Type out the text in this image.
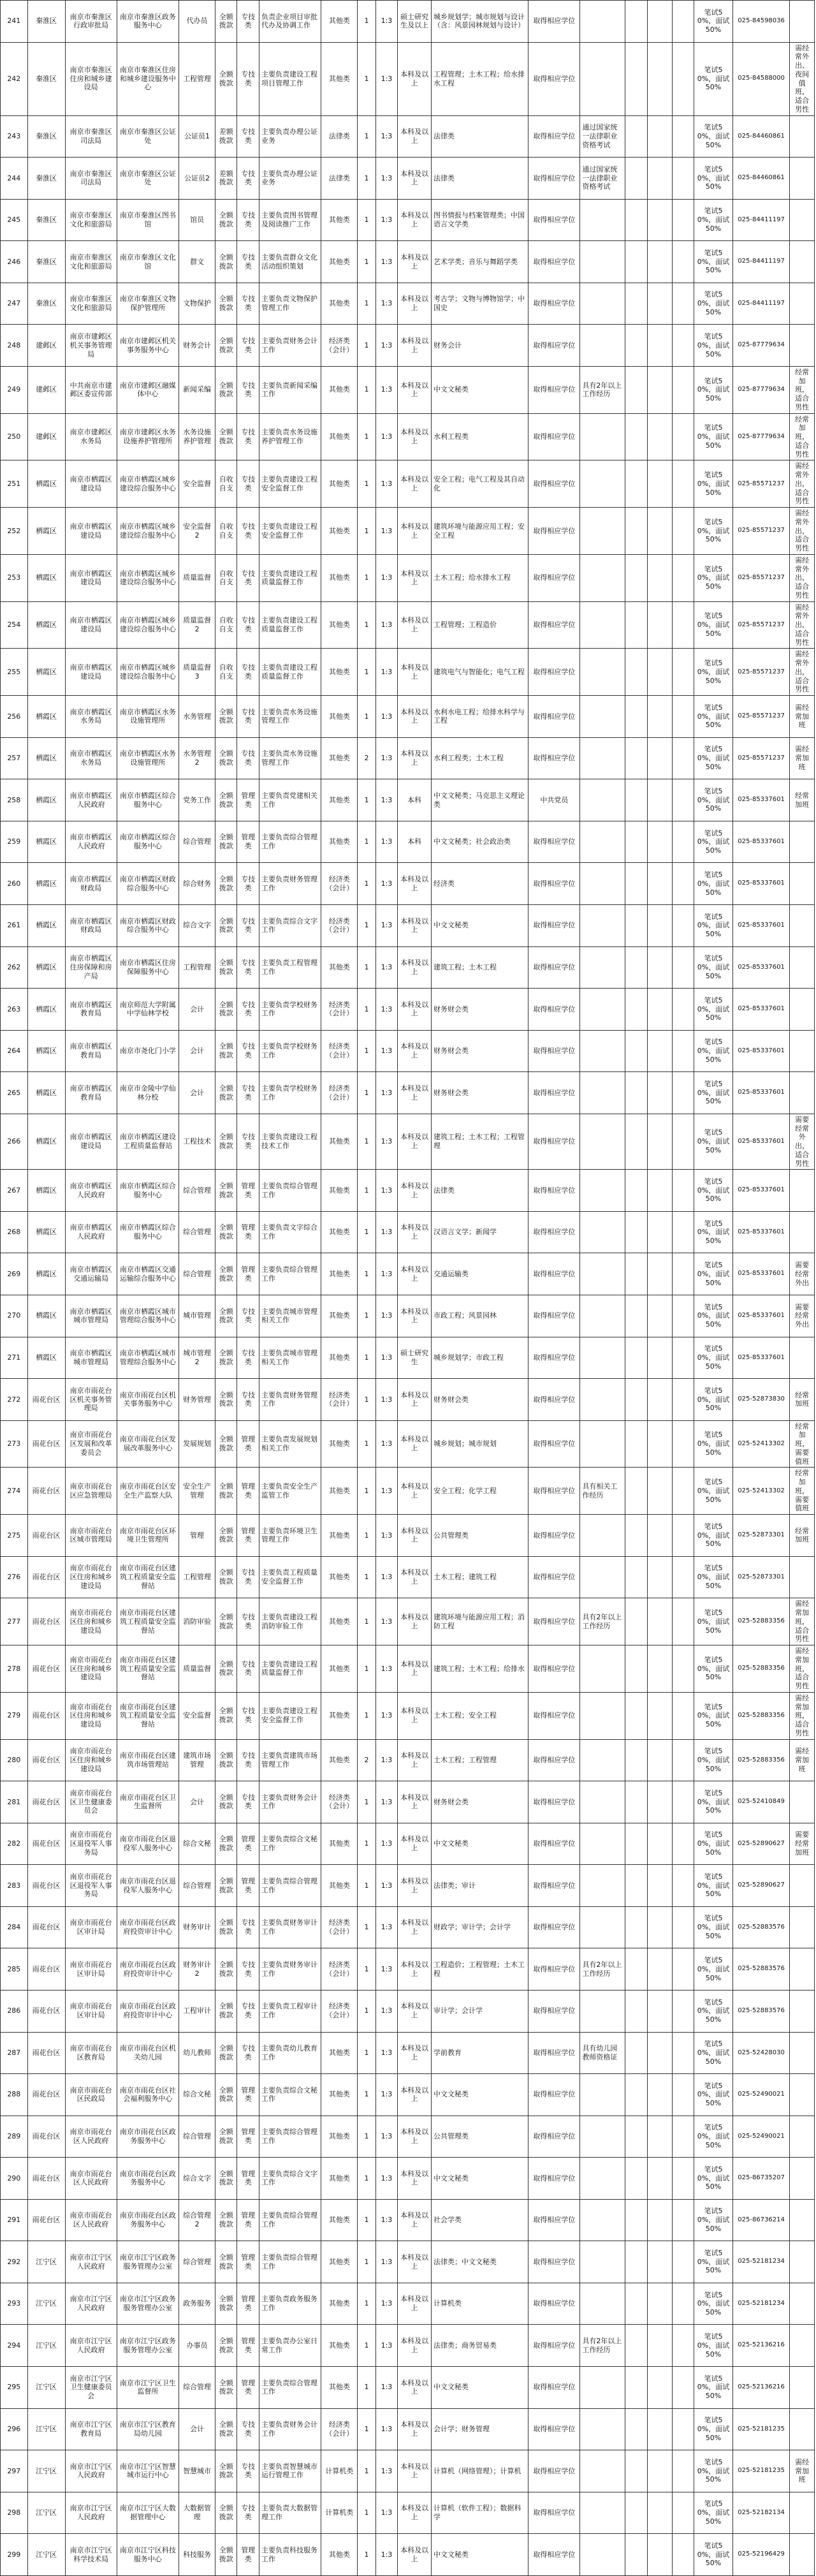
241	秦淮区	南京市秦淮区行政审批局	南京市秦淮区政务服务中心	代办员	全额拨款	专技类	负责企业项目审批代办及协调工作	其他类	1	1:3	硕士研究生及以上	城乡规划学；城市规划与设计（含：风景园林规划与设计）	取得相应学位					笔试50%，面试50%	025-84598036	
242	秦淮区	南京市秦淮区住房和城乡建设局	南京市秦淮区住房和城乡建设服务中心	工程管理	全额拨款	专技类	主要负责建设工程项目管理工作	其他类	1	1:3	本科及以上	工程管理；土木工程；给水排水工程	取得相应学位					笔试50%，面试50%	025-84588000	需经常外出、夜间值班，适合男性
243	秦淮区	南京市秦淮区司法局	南京市秦淮区公证处	公证员1	差额拨款	专技类	主要负责办理公证业务	法律类	1	1:3	本科及以上	法律类	取得相应学位	通过国家统一法律职业资格考试				笔试50%，面试50%	025-84460861	
244	秦淮区	南京市秦淮区司法局	南京市秦淮区公证处	公证员2	差额拨款	专技类	主要负责办理公证业务	法律类	1	1:3	本科及以上	法律类	取得相应学位	通过国家统一法律职业资格考试				笔试50%，面试50%	025-84460861	
245	秦淮区	南京市秦淮区文化和旅游局	南京市秦淮区图书馆	馆员	全额拨款	专技类	主要负责图书管理及阅读推广工作	其他类	1	1:3	本科及以上	图书情报与档案管理类；中国语言文学类	取得相应学位					笔试50%，面试50%	025-84411197	
246	秦淮区	南京市秦淮区文化和旅游局	南京市秦淮区文化馆	群文	全额拨款	专技类	主要负责群众文化活动组织策划	其他类	1	1:3	本科及以上	艺术学类；音乐与舞蹈学类	取得相应学位					笔试50%，面试50%	025-84411197	
247	秦淮区	南京市秦淮区文化和旅游局	南京市秦淮区文物保护管理所	文物保护	全额拨款	专技类	主要负责文物保护管理工作	其他类	1	1:3	本科及以上	考古学；文物与博物馆学；中国史	取得相应学位					笔试50%，面试50%	025-84411197	
248	建邺区	南京市建邺区机关事务管理局	南京市建邺区机关事务服务中心	财务会计	全额拨款	专技类	主要负责财务会计工作	经济类（会计）	1	1:3	本科及以上	财务会计	取得相应学位					笔试50%，面试50%	025-87779634	
249	建邺区	中共南京市建邺区委宣传部	南京市建邺区融媒体中心	新闻采编	全额拨款	专技类	主要负责新闻采编工作	其他类	1	1:3	本科及以上	中文文秘类	取得相应学位	具有2年以上工作经历				笔试50%，面试50%	025-87779634	经常加班，适合男性
250	建邺区	南京市建邺区水务局	南京市建邺区水务设施养护管理所	水务设施养护管理	全额拨款	专技类	主要负责水务设施养护管理工作	其他类	1	1:3	本科及以上	水利工程类	取得相应学位					笔试50%，面试50%	025-87779634	经常加班，适合男性
251	栖霞区	南京市栖霞区建设局	南京市栖霞区城乡建设综合服务中心	安全监督	自收自支	专技类	主要负责建设工程安全监督工作	其他类	1	1:3	本科及以上	安全工程；电气工程及其自动化	取得相应学位					笔试50%，面试50%	025-85571237	需经常外出，适合男性
252	栖霞区	南京市栖霞区建设局	南京市栖霞区城乡建设综合服务中心	安全监督2	自收自支	专技类	主要负责建设工程安全监督工作	其他类	1	1:3	本科及以上	建筑环境与能源应用工程；安全工程	取得相应学位					笔试50%，面试50%	025-85571237	需经常外出，适合男性
253	栖霞区	南京市栖霞区建设局	南京市栖霞区城乡建设综合服务中心	质量监督	自收自支	专技类	主要负责建设工程质量监督工作	其他类	1	1:3	本科及以上	土木工程；给水排水工程	取得相应学位					笔试50%，面试50%	025-85571237	需经常外出，适合男性
254	栖霞区	南京市栖霞区建设局	南京市栖霞区城乡建设综合服务中心	质量监督2	自收自支	专技类	主要负责建设工程质量监督工作	其他类	1	1:3	本科及以上	工程管理；工程造价	取得相应学位					笔试50%，面试50%	025-85571237	需经常外出，适合男性
255	栖霞区	南京市栖霞区建设局	南京市栖霞区城乡建设综合服务中心	质量监督3	自收自支	专技类	主要负责建设工程质量监督工作	其他类	1	1:3	本科及以上	建筑电气与智能化；电气工程	取得相应学位					笔试50%，面试50%	025-85571237	需经常外出，适合男性
256	栖霞区	南京市栖霞区水务局	南京市栖霞区水务设施管理所	水务管理	全额拨款	专技类	主要负责水务设施管理工作	其他类	1	1:3	本科及以上	水利水电工程；给排水科学与工程	取得相应学位					笔试50%，面试50%	025-85571237	需经常加班
257	栖霞区	南京市栖霞区水务局	南京市栖霞区水务设施管理所	水务管理2	全额拨款	专技类	主要负责水务设施管理工作	其他类	2	1:3	本科及以上	水利工程类；土木工程	取得相应学位					笔试50%，面试50%	025-85571237	需经常加班
258	栖霞区	南京市栖霞区人民政府	南京市栖霞区综合服务中心	党务工作	全额拨款	管理类	主要负责党建相关工作	其他类	1	1:3	本科	中文文秘类；马克思主义理论类	中共党员					笔试50%，面试50%	025-85337601	经常加班
259	栖霞区	南京市栖霞区人民政府	南京市栖霞区综合服务中心	综合管理	全额拨款	管理类	主要负责综合管理工作	其他类	1	1:3	本科	中文文秘类；社会政治类	取得相应学位					笔试50%，面试50%	025-85337601	
260	栖霞区	南京市栖霞区财政局	南京市栖霞区财政综合服务中心	综合财务	全额拨款	专技类	主要负责财务管理工作	经济类（会计）	1	1:3	本科及以上	经济类	取得相应学位					笔试50%，面试50%	025-85337601	
261	栖霞区	南京市栖霞区财政局	南京市栖霞区财政综合服务中心	综合文字	全额拨款	专技类	主要负责综合文字工作	经济类（会计）	1	1:3	本科及以上	中文文秘类	取得相应学位					笔试50%，面试50%	025-85337601	
262	栖霞区	南京市栖霞区住房保障和房产局	南京市栖霞区住房保障服务中心	工程管理	全额拨款	专技类	主要负责工程管理工作	其他类	1	1:3	本科及以上	建筑工程；土木工程	取得相应学位					笔试50%，面试50%	025-85337601	
263	栖霞区	南京市栖霞区教育局	南京师范大学附属中学仙林学校	会计	全额拨款	专技类	主要负责学校财务工作	经济类（会计）	1	1:3	本科及以上	财务财会类	取得相应学位					笔试50%，面试50%	025-85337601	
264	栖霞区	南京市栖霞区教育局	南京市尧化门小学	会计	全额拨款	专技类	主要负责学校财务工作	经济类（会计）	1	1:3	本科及以上	财务财会类	取得相应学位					笔试50%，面试50%	025-85337601	
265	栖霞区	南京市栖霞区教育局	南京市金陵中学仙林分校	会计	全额拨款	专技类	主要负责学校财务工作	经济类（会计）	1	1:3	本科及以上	财务财会类	取得相应学位					笔试50%，面试50%	025-85337601	
266	栖霞区	南京市栖霞区建设局	南京市栖霞区建设工程质量监督站	工程技术	全额拨款	专技类	主要负责建设工程技术工作	其他类	1	1:3	本科及以上	建筑工程；土木工程；工程管理	取得相应学位					笔试50%，面试50%	025-85337601	需要经常外出，适合男性
267	栖霞区	南京市栖霞区人民政府	南京市栖霞区综合服务中心	综合管理	全额拨款	管理类	主要负责综合管理工作	其他类	1	1:3	本科及以上	法律类	取得相应学位					笔试50%，面试50%	025-85337601	
268	栖霞区	南京市栖霞区人民政府	南京市栖霞区综合服务中心	综合管理	全额拨款	管理类	主要负责文字综合工作	其他类	1	1:3	本科及以上	汉语言文学；新闻学	取得相应学位					笔试50%，面试50%	025-85337601	
269	栖霞区	南京市栖霞区交通运输局	南京市栖霞区交通运输综合服务中心	综合管理	全额拨款	管理类	主要负责综合管理工作	其他类	1	1:3	本科及以上	交通运输类	取得相应学位					笔试50%，面试50%	025-85337601	需要经常外出
270	栖霞区	南京市栖霞区城市管理局	南京市栖霞区城市管理综合服务中心	城市管理	全额拨款	专技类	主要负责城市管理相关工作	其他类	1	1:3	本科及以上	市政工程；风景园林	取得相应学位					笔试50%，面试50%	025-85337601	需要经常外出
271	栖霞区	南京市栖霞区城市管理局	南京市栖霞区城市管理综合服务中心	城市管理2	全额拨款	专技类	主要负责城市管理相关工作	其他类	1	1:3	硕士研究生	城乡规划学；市政工程	取得相应学位					笔试50%，面试50%	025-85337601	
272	雨花台区	南京市雨花台区机关事务管理局	南京市雨花台区机关事务服务中心	财务管理	全额拨款	专技类	主要负责财务管理工作	经济类（会计）	1	1:3	本科及以上	财务财会类	取得相应学位					笔试50%，面试50%	025-52873830	经常加班
273	雨花台区	南京市雨花台区发展和改革委员会	南京市雨花台区发展改革服务中心	发展规划	全额拨款	管理类	主要负责发展规划相关工作	其他类	1	1:3	本科及以上	城乡规划；城市规划	取得相应学位					笔试50%，面试50%	025-52413302	经常加班，需要值班
274	雨花台区	南京市雨花台区应急管理局	南京市雨花台区安全生产监察大队	安全生产管理	全额拨款	管理类	主要负责安全生产监管工作	其他类	1	1:3	本科及以上	安全工程；化学工程	取得相应学位	具有相关工作经历				笔试50%，面试50%	025-52413302	经常加班，需要值班
275	雨花台区	南京市雨花台区城市管理局	南京市雨花台区环境卫生管理所	管理	全额拨款	管理类	主要负责环境卫生管理工作	其他类	1	1:3	本科及以上	公共管理类	取得相应学位					笔试50%，面试50%	025-52873301	经常加班
276	雨花台区	南京市雨花台区住房和城乡建设局	南京市雨花台区建筑工程质量安全监督站	工程管理	全额拨款	专技类	主要负责工程质量安全监督工作	其他类	1	1:3	本科及以上	土木工程；建筑工程	取得相应学位					笔试50%，面试50%	025-52873301	
277	雨花台区	南京市雨花台区住房和城乡建设局	南京市雨花台区建筑工程质量安全监督站	消防审验	全额拨款	专技类	主要负责建设工程消防审验工作	其他类	1	1:3	本科及以上	建筑环境与能源应用工程；消防工程	取得相应学位	具有2年以上工作经历				笔试50%，面试50%	025-52883356	需经常加班，适合男性
278	雨花台区	南京市雨花台区住房和城乡建设局	南京市雨花台区建筑工程质量安全监督站	质量监督	全额拨款	专技类	主要负责建设工程质量监督工作	其他类	1	1:3	本科及以上	建筑工程；土木工程；给排水	取得相应学位					笔试50%，面试50%	025-52883356	需经常加班，适合男性
279	雨花台区	南京市雨花台区住房和城乡建设局	南京市雨花台区建筑工程质量安全监督站	安全监督	全额拨款	专技类	主要负责建设工程安全监督工作	其他类	1	1:3	本科及以上	土木工程；安全工程	取得相应学位					笔试50%，面试50%	025-52883356	需经常加班，适合男性
280	雨花台区	南京市雨花台区住房和城乡建设局	南京市雨花台区建筑市场管理站	建筑市场管理	全额拨款	专技类	主要负责建筑市场管理工作	其他类	2	1:3	本科及以上	土木工程；工程管理	取得相应学位					笔试50%，面试50%	025-52883356	需经常加班
281	雨花台区	南京市雨花台区卫生健康委员会	南京市雨花台区卫生监督所	会计	全额拨款	专技类	主要负责财务会计工作	经济类（会计）	1	1:3	本科及以上	财务财会类	取得相应学位					笔试50%，面试50%	025-52410849	
282	雨花台区	南京市雨花台区退役军人事务局	南京市雨花台区退役军人服务中心	综合文秘	全额拨款	管理类	主要负责综合文秘工作	其他类	1	1:3	本科及以上	中文文秘类	取得相应学位					笔试50%，面试50%	025-52890627	需要经常加班
283	雨花台区	南京市雨花台区退役军人事务局	南京市雨花台区退役军人服务中心	综合管理	全额拨款	管理类	主要负责综合管理工作	其他类	1	1:3	本科及以上	法律类；审计	取得相应学位					笔试50%，面试50%	025-52890627	
284	雨花台区	南京市雨花台区审计局	南京市雨花台区政府投资审计中心	财务审计	全额拨款	专技类	主要负责财务审计工作	经济类（会计）	1	1:3	本科及以上	财政学；审计学；会计学	取得相应学位					笔试50%，面试50%	025-52883576	
285	雨花台区	南京市雨花台区审计局	南京市雨花台区政府投资审计中心	财务审计2	全额拨款	专技类	主要负责财务审计工作	经济类（会计）	1	1:3	本科及以上	工程造价；工程管理；土木工程	取得相应学位	具有2年以上工作经历				笔试50%，面试50%	025-52883576	
286	雨花台区	南京市雨花台区审计局	南京市雨花台区政府投资审计中心	工程审计	全额拨款	专技类	主要负责工程审计工作	经济类（会计）	1	1:3	本科及以上	审计学；会计学	取得相应学位					笔试50%，面试50%	025-52883576	
287	雨花台区	南京市雨花台区教育局	南京市雨花台区机关幼儿园	幼儿教师	全额拨款	专技类	主要负责幼儿教育工作	其他类	1	1:3	本科及以上	学前教育	取得相应学位	具有幼儿园教师资格证				笔试50%，面试50%	025-52428030	
288	雨花台区	南京市雨花台区民政局	南京市雨花台区社会福利服务中心	综合文秘	全额拨款	管理类	主要负责综合文秘工作	其他类	1	1:3	本科及以上	中文文秘类	取得相应学位					笔试50%，面试50%	025-52490021	
289	雨花台区	南京市雨花台区人民政府	南京市雨花台区政务服务中心	综合管理	全额拨款	管理类	主要负责综合管理工作	其他类	1	1:3	本科及以上	公共管理类	取得相应学位					笔试50%，面试50%	025-52490021	
290	雨花台区	南京市雨花台区人民政府	南京市雨花台区政务服务中心	综合文字	全额拨款	管理类	主要负责综合文字工作	其他类	1	1:3	本科及以上	中文文秘类	取得相应学位					笔试50%，面试50%	025-86735207	
291	雨花台区	南京市雨花台区人民政府	南京市雨花台区政务服务中心	综合管理2	全额拨款	管理类	主要负责综合管理工作	其他类	1	1:3	本科及以上	社会学类	取得相应学位					笔试50%，面试50%	025-86736214	
292	江宁区	南京市江宁区人民政府	南京市江宁区政务服务管理办公室	综合管理	全额拨款	管理类	主要负责综合管理工作	其他类	1	1:3	本科及以上	法律类；中文文秘类	取得相应学位					笔试50%，面试50%	025-52181234	
293	江宁区	南京市江宁区人民政府	南京市江宁区政务服务管理办公室	政务服务	全额拨款	管理类	主要负责政务服务工作	其他类	1	1:3	本科及以上	计算机类	取得相应学位					笔试50%，面试50%	025-52181234	
294	江宁区	南京市江宁区人民政府	南京市江宁区政务服务管理办公室	办事员	全额拨款	管理类	主要负责办公室日常工作	其他类	1	1:3	本科及以上	法律类；商务贸易类	取得相应学位	具有2年以上工作经历				笔试50%，面试50%	025-52136216	
295	江宁区	南京市江宁区卫生健康委员会	南京市江宁区卫生监督所	综合管理	全额拨款	管理类	主要负责综合管理工作	其他类	1	1:3	本科及以上	中文文秘类	取得相应学位					笔试50%，面试50%	025-52136216	
296	江宁区	南京市江宁区教育局	南京市江宁区教育局幼儿园	会计	全额拨款	专技类	主要负责财务会计工作	经济类（会计）	1	1:3	本科及以上	会计学；财务管理	取得相应学位					笔试50%，面试50%	025-52181235	
297	江宁区	南京市江宁区人民政府	南京市江宁区智慧城市运行中心	智慧城市	全额拨款	专技类	主要负责智慧城市运行管理工作	计算机类	1	1:3	本科及以上	计算机（网络管理）；计算机	取得相应学位					笔试50%，面试50%	025-52181235	需经常加班
298	江宁区	南京市江宁区人民政府	南京市江宁区大数据管理中心	大数据管理	全额拨款	专技类	主要负责大数据管理工作	计算机类	1	1:3	本科及以上	计算机（软件工程）；数据科学	取得相应学位					笔试50%，面试50%	025-52182134	
299	江宁区	南京市江宁区科学技术局	南京市江宁区科技服务中心	科技服务	全额拨款	管理类	主要负责科技服务工作	其他类	1	1:3	本科及以上	中文文秘类	取得相应学位					笔试50%，面试50%	025-52196429	
